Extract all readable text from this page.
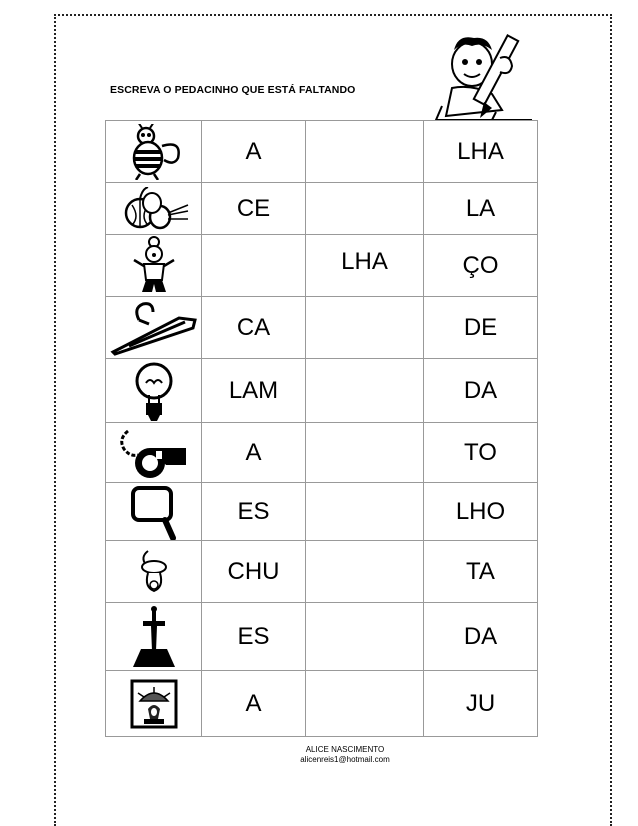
ESCREVA O PEDACINHO QUE ESTÁ FALTANDO
	A		LHA

	CE		LA

		LHA	ÇO

	CA		DE

	LAM		DA

	A		TO

	ES		LHO

	CHU		TA

	ES		DA

	A		JU
ALICE NASCIMENTO
alicenreis1@hotmail.com
